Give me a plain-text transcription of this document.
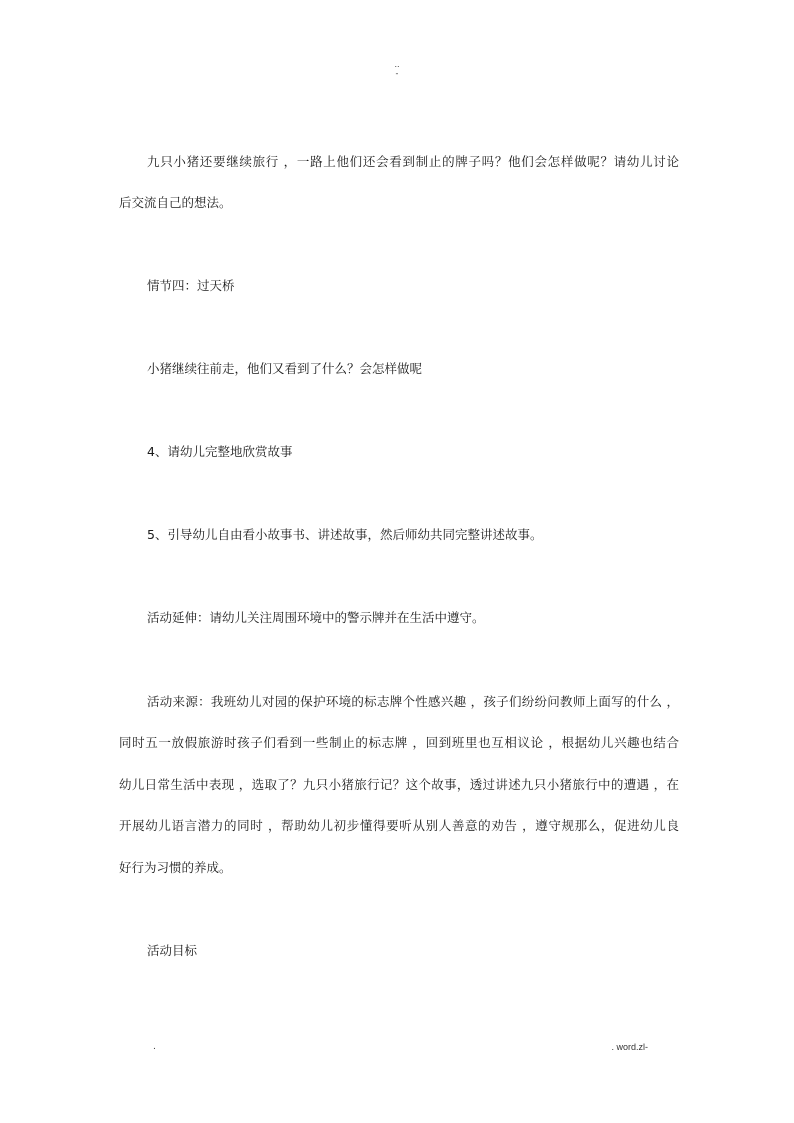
..
-
九只小猪还要继续旅行 ，一路上他们还会看到制止的牌子吗？他们会怎样做呢？请幼儿讨论
后交流自己的想法。
情节四：过天桥
小猪继续往前走，他们又看到了什么？会怎样做呢
4、请幼儿完整地欣赏故事
5、引导幼儿自由看小故事书、讲述故事，然后师幼共同完整讲述故事。
活动延伸：请幼儿关注周围环境中的警示牌并在生活中遵守。
活动来源：我班幼儿对园的保护环境的标志牌个性感兴趣 ，孩子们纷纷问教师上面写的什么 ，
同时五一放假旅游时孩子们看到一些制止的标志牌 ，回到班里也互相议论 ，根据幼儿兴趣也结合
幼儿日常生活中表现 ，选取了？九只小猪旅行记？这个故事，透过讲述九只小猪旅行中的遭遇 ，在
开展幼儿语言潜力的同时 ，帮助幼儿初步懂得要听从别人善意的劝告 ，遵守规那么，促进幼儿良
好行为习惯的养成。
活动目标
.	. word.zl-
